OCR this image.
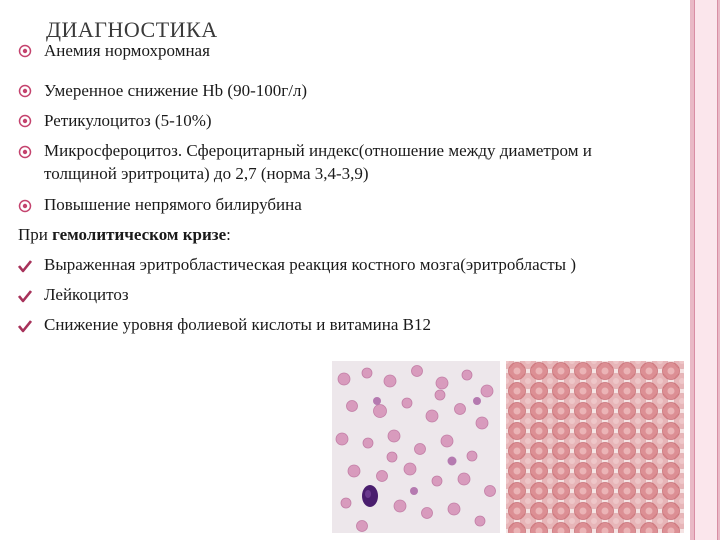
ДИАГНОСТИКА
Анемия нормохромная
Умеренное снижение Hb (90-100г/л)
Ретикулоцитоз (5-10%)
Микросфероцитоз. Сфероцитарный индекс(отношение между диаметром и
толщиной эритроцита) до 2,7 (норма 3,4-3,9)
Повышение непрямого билирубина
При гемолитическом кризе:
Выраженная эритробластическая реакция костного мозга(эритробласты )
Лейкоцитоз
Снижение уровня фолиевой кислоты и витамина В12
